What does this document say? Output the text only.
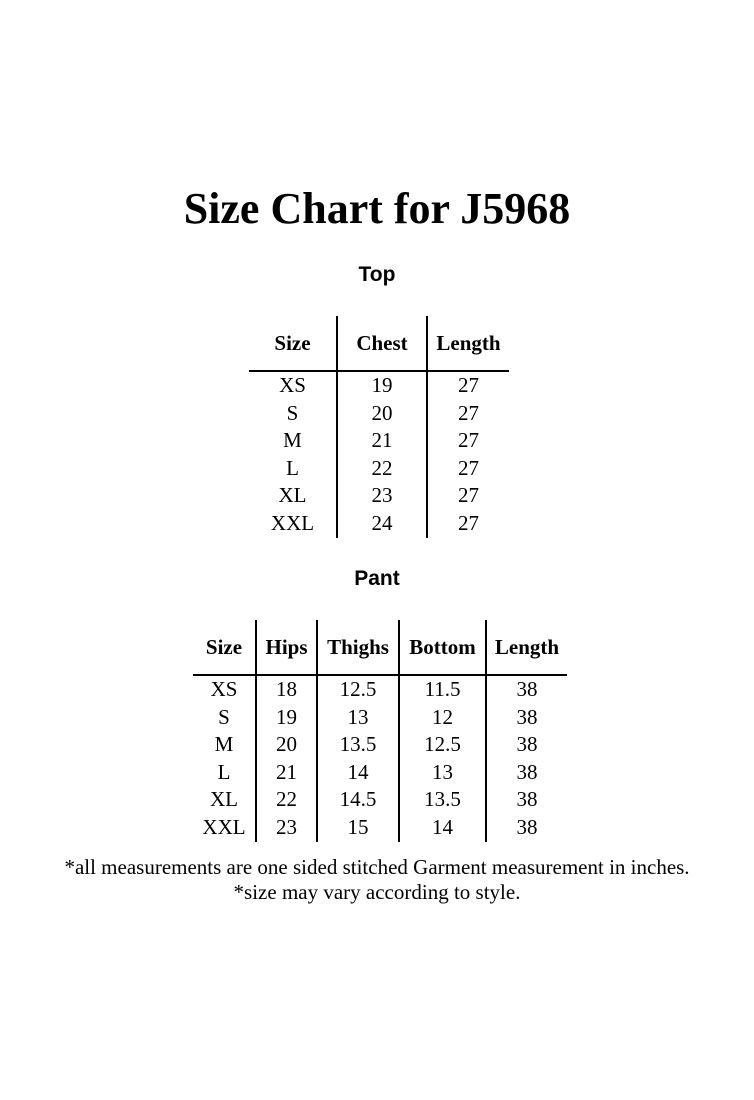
Size Chart for J5968
Top
Size	Chest	Length
XS	19	27
S	20	27
M	21	27
L	22	27
XL	23	27
XXL	24	27
Pant
Size	Hips	Thighs	Bottom	Length
XS	18	12.5	11.5	38
S	19	13	12	38
M	20	13.5	12.5	38
L	21	14	13	38
XL	22	14.5	13.5	38
XXL	23	15	14	38
*all measurements are one sided stitched Garment measurement in inches.
*size may vary according to style.
